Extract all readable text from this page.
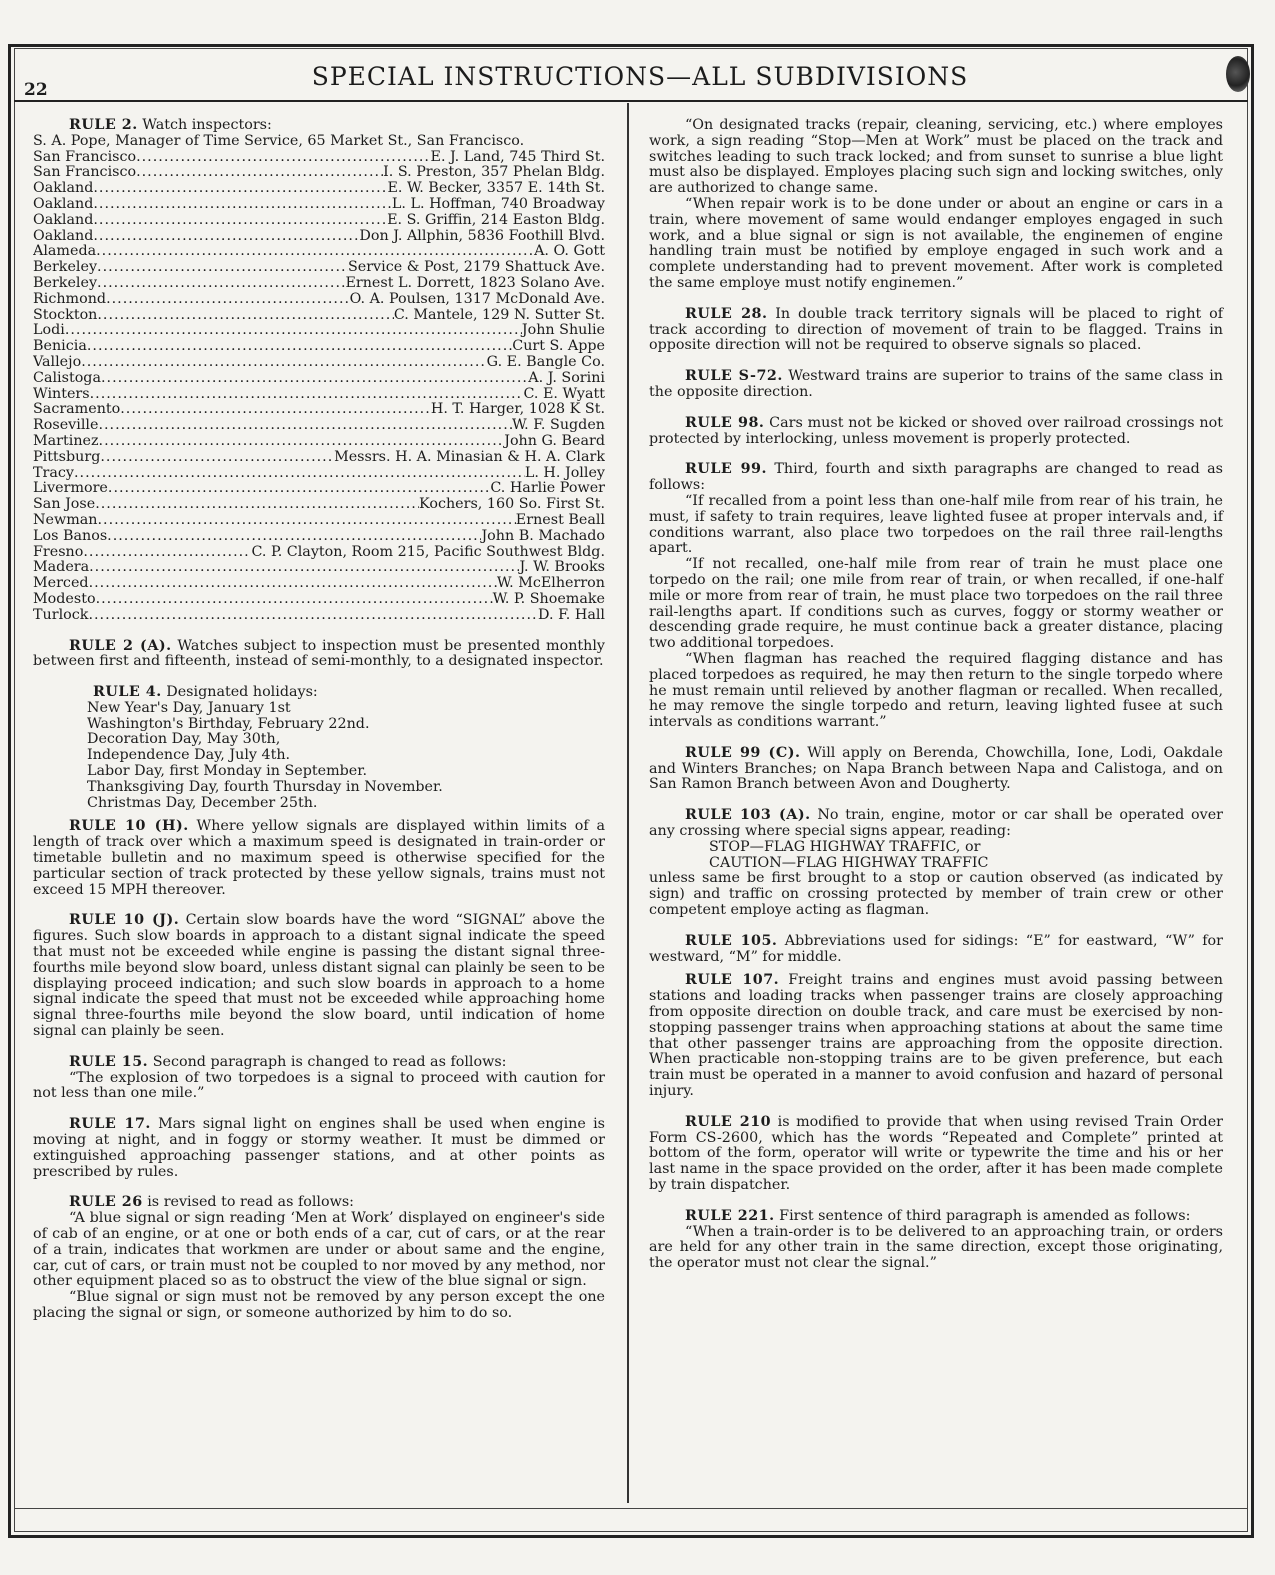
22	SPECIAL INSTRUCTIONS—ALL SUBDIVISIONS
RULE 2. Watch inspectors:
S. A. Pope, Manager of Time Service, 65 Market St., San Francisco.
San Francisco .....	E. J. Land, 745 Third St.
San Francisco .....	I. S. Preston, 357 Phelan Bldg.
Oakland .....	E. W. Becker, 3357 E. 14th St.
Oakland .....	L. L. Hoffman, 740 Broadway
Oakland .....	E. S. Griffin, 214 Easton Bldg.
Oakland .....	Don J. Allphin, 5836 Foothill Blvd.
Alameda .....	A. O. Gott
Berkeley .....	Service & Post, 2179 Shattuck Ave.
Berkeley .....	Ernest L. Dorrett, 1823 Solano Ave.
Richmond .....	O. A. Poulsen, 1317 McDonald Ave.
Stockton .....	C. Mantele, 129 N. Sutter St.
Lodi .....	John Shulie
Benicia .....	Curt S. Appe
Vallejo .....	G. E. Bangle Co.
Calistoga .....	A. J. Sorini
Winters .....	C. E. Wyatt
Sacramento .....	H. T. Harger, 1028 K St.
Roseville .....	W. F. Sugden
Martinez .....	John G. Beard
Pittsburg .....	Messrs. H. A. Minasian & H. A. Clark
Tracy .....	L. H. Jolley
Livermore .....	C. Harlie Power
San Jose .....	Kochers, 160 So. First St.
Newman .....	Ernest Beall
Los Banos .....	John B. Machado
Fresno .....	C. P. Clayton, Room 215, Pacific Southwest Bldg.
Madera .....	J. W. Brooks
Merced .....	W. McElherron
Modesto .....	W. P. Shoemake
Turlock .....	D. F. Hall

RULE 2 (A). Watches subject to inspection must be presented monthly between first and fifteenth, instead of semi-monthly, to a designated inspector.

RULE 4. Designated holidays:
New Year's Day, January 1st
Washington's Birthday, February 22nd.
Decoration Day, May 30th,
Independence Day, July 4th.
Labor Day, first Monday in September.
Thanksgiving Day, fourth Thursday in November.
Christmas Day, December 25th.

RULE 10 (H). Where yellow signals are displayed within limits of a length of track over which a maximum speed is designated in train-order or timetable bulletin and no maximum speed is otherwise specified for the particular section of track protected by these yellow signals, trains must not exceed 15 MPH thereover.

RULE 10 (J). Certain slow boards have the word “SIGNAL” above the figures. Such slow boards in approach to a distant signal indicate the speed that must not be exceeded while engine is passing the distant signal three-fourths mile beyond slow board, unless distant signal can plainly be seen to be displaying proceed indication; and such slow boards in approach to a home signal indicate the speed that must not be exceeded while approaching home signal three-fourths mile beyond the slow board, until indication of home signal can plainly be seen.

RULE 15. Second paragraph is changed to read as follows:

“The explosion of two torpedoes is a signal to proceed with caution for not less than one mile.”

RULE 17. Mars signal light on engines shall be used when engine is moving at night, and in foggy or stormy weather. It must be dimmed or extinguished approaching passenger stations, and at other points as prescribed by rules.

RULE 26 is revised to read as follows:

“A blue signal or sign reading ‘Men at Work’ displayed on engineer's side of cab of an engine, or at one or both ends of a car, cut of cars, or at the rear of a train, indicates that workmen are under or about same and the engine, car, cut of cars, or train must not be coupled to nor moved by any method, nor other equipment placed so as to obstruct the view of the blue signal or sign.

“Blue signal or sign must not be removed by any person except the one placing the signal or sign, or someone authorized by him to do so.

“On designated tracks (repair, cleaning, servicing, etc.) where employes work, a sign reading “Stop—Men at Work” must be placed on the track and switches leading to such track locked; and from sunset to sunrise a blue light must also be displayed. Employes placing such sign and locking switches, only are authorized to change same.

“When repair work is to be done under or about an engine or cars in a train, where movement of same would endanger employes engaged in such work, and a blue signal or sign is not available, the enginemen of engine handling train must be notified by employe engaged in such work and a complete understanding had to prevent movement. After work is completed the same employe must notify enginemen.”

RULE 28. In double track territory signals will be placed to right of track according to direction of movement of train to be flagged. Trains in opposite direction will not be required to observe signals so placed.

RULE S-72. Westward trains are superior to trains of the same class in the opposite direction.

RULE 98. Cars must not be kicked or shoved over railroad crossings not protected by interlocking, unless movement is properly protected.

RULE 99. Third, fourth and sixth paragraphs are changed to read as follows:

“If recalled from a point less than one-half mile from rear of his train, he must, if safety to train requires, leave lighted fusee at proper intervals and, if conditions warrant, also place two torpedoes on the rail three rail-lengths apart.

“If not recalled, one-half mile from rear of train he must place one torpedo on the rail; one mile from rear of train, or when recalled, if one-half mile or more from rear of train, he must place two torpedoes on the rail three rail-lengths apart. If conditions such as curves, foggy or stormy weather or descending grade require, he must continue back a greater distance, placing two additional torpedoes.

“When flagman has reached the required flagging distance and has placed torpedoes as required, he may then return to the single torpedo where he must remain until relieved by another flagman or recalled. When recalled, he may remove the single torpedo and return, leaving lighted fusee at such intervals as conditions warrant.”

RULE 99 (C). Will apply on Berenda, Chowchilla, Ione, Lodi, Oakdale and Winters Branches; on Napa Branch between Napa and Calistoga, and on San Ramon Branch between Avon and Dougherty.

RULE 103 (A). No train, engine, motor or car shall be operated over any crossing where special signs appear, reading:

STOP—FLAG HIGHWAY TRAFFIC, or
CAUTION—FLAG HIGHWAY TRAFFIC

unless same be first brought to a stop or caution observed (as indicated by sign) and traffic on crossing protected by member of train crew or other competent employe acting as flagman.

RULE 105. Abbreviations used for sidings: “E” for eastward, “W” for westward, “M” for middle.

RULE 107. Freight trains and engines must avoid passing between stations and loading tracks when passenger trains are closely approaching from opposite direction on double track, and care must be exercised by non-stopping passenger trains when approaching stations at about the same time that other passenger trains are approaching from the opposite direction. When practicable non-stopping trains are to be given preference, but each train must be operated in a manner to avoid confusion and hazard of personal injury.

RULE 210 is modified to provide that when using revised Train Order Form CS-2600, which has the words “Repeated and Complete” printed at bottom of the form, operator will write or typewrite the time and his or her last name in the space provided on the order, after it has been made complete by train dispatcher.

RULE 221. First sentence of third paragraph is amended as follows:

“When a train-order is to be delivered to an approaching train, or orders are held for any other train in the same direction, except those originating, the operator must not clear the signal.”
